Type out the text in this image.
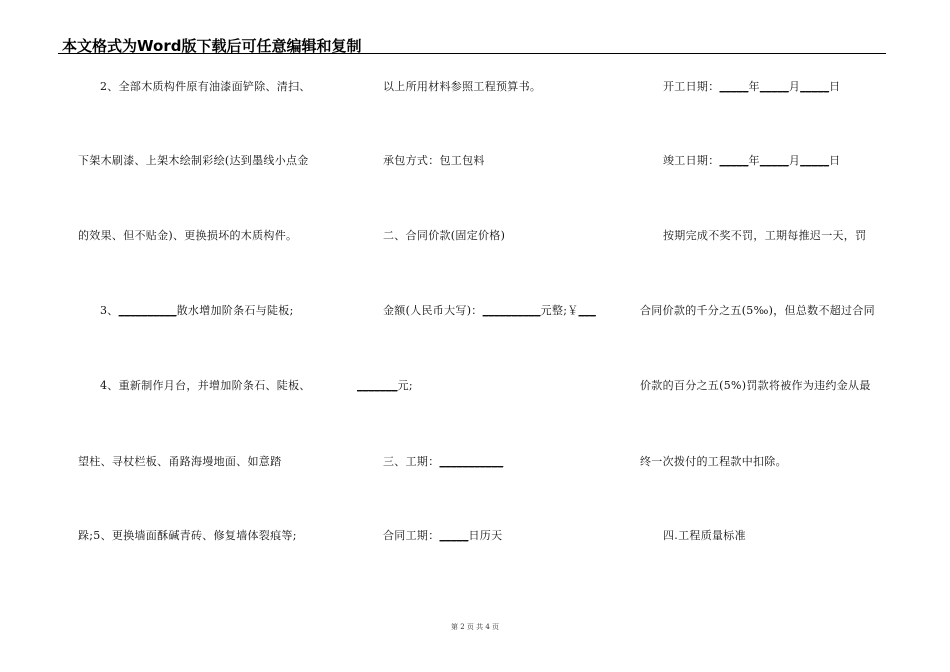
本文格式为Word版下载后可任意编辑和复制
2、全部木质构件原有油漆面铲除、清扫、
下架木刷漆、上架木绘制彩绘(达到墨线小点金
的效果、但不贴金)、更换损坏的木质构件。
3、__________散水增加阶条石与陡板;
4、重新制作月台，并增加阶条石、陡板、
望柱、寻杖栏板、甬路海墁地面、如意踏
跺;5、更换墙面酥碱青砖、修复墙体裂痕等;
以上所用材料参照工程预算书。
承包方式：包工包料
二、合同价款(固定价格)
金额(人民币大写)：__________元整;￥___
_______元;
三、工期：___________
合同工期：_____日历天
开工日期：_____年_____月_____日
竣工日期：_____年_____月_____日
按期完成不奖不罚，工期每推迟一天，罚
合同价款的千分之五(5‰)，但总数不超过合同
价款的百分之五(5%)罚款将被作为违约金从最
终一次拨付的工程款中扣除。
四.工程质量标准
第 2 页 共 4 页
